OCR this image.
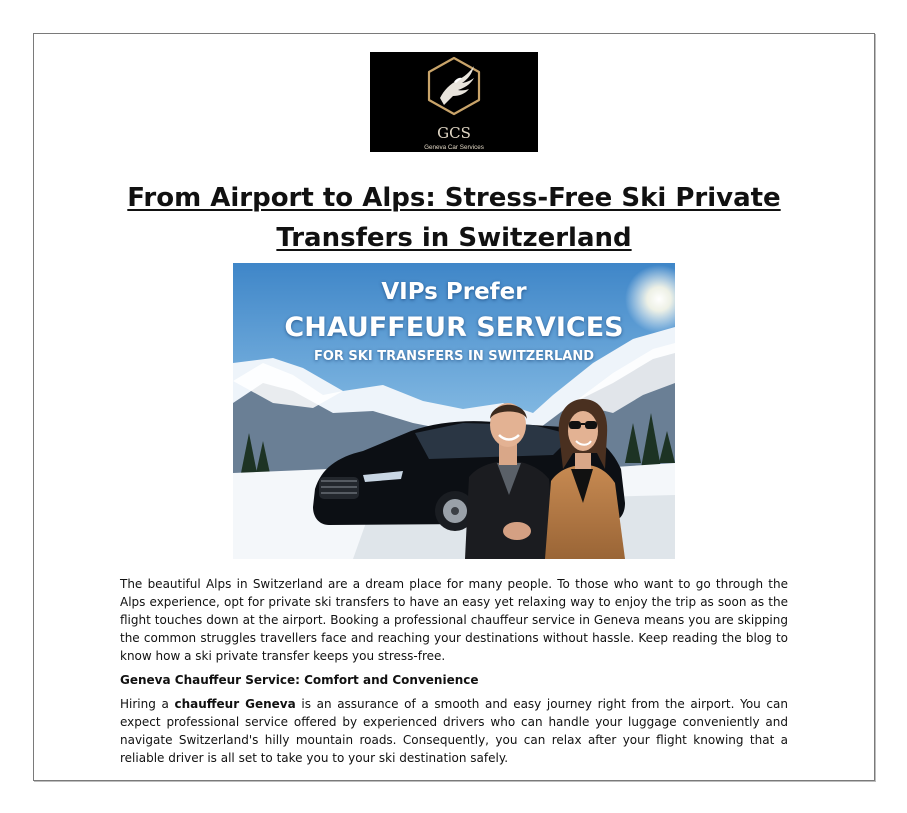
GCS
Geneva Car Services
From Airport to Alps: Stress-Free Ski Private
Transfers in Switzerland
VIPs Prefer
CHAUFFEUR SERVICES
FOR SKI TRANSFERS IN SWITZERLAND

The beautiful Alps in Switzerland are a dream place for many people. To those who want to go through the Alps experience, opt for private ski transfers to have an easy yet relaxing way to enjoy the trip as soon as the flight touches down at the airport. Booking a professional chauffeur service in Geneva means you are skipping the common struggles travellers face and reaching your destinations without hassle. Keep reading the blog to know how a ski private transfer keeps you stress-free.

Geneva Chauffeur Service: Comfort and Convenience

Hiring a chauffeur Geneva is an assurance of a smooth and easy journey right from the airport. You can expect professional service offered by experienced drivers who can handle your luggage conveniently and navigate Switzerland's hilly mountain roads. Consequently, you can relax after your flight knowing that a reliable driver is all set to take you to your ski destination safely.
